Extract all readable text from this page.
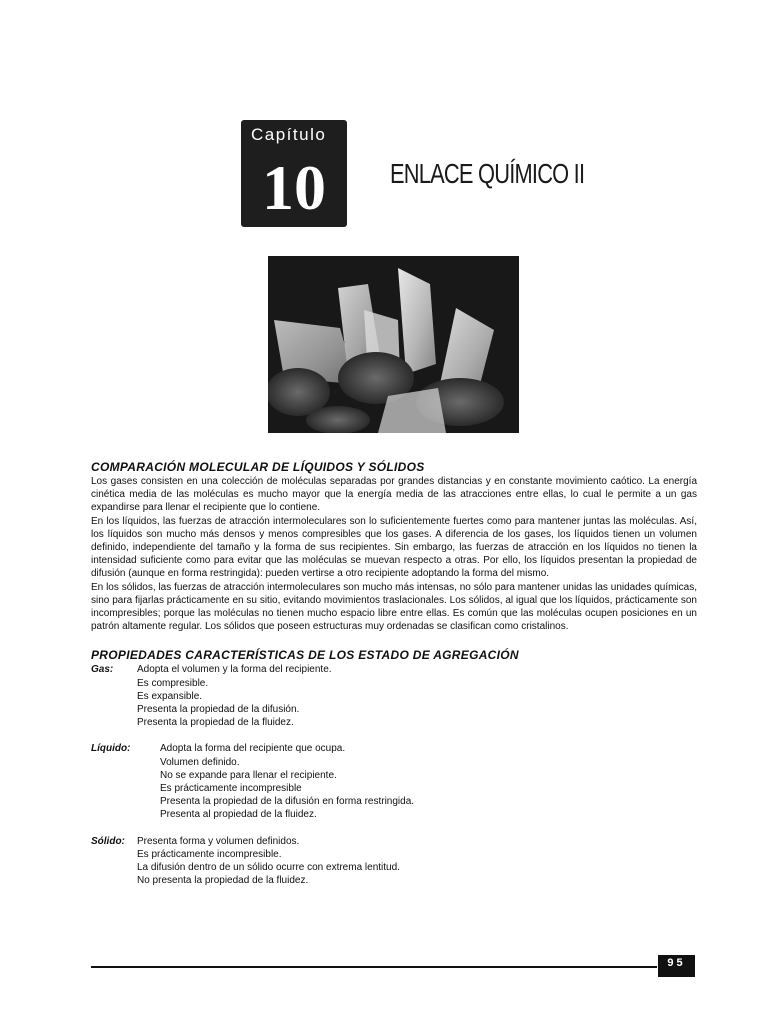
Capítulo
10	ENLACE QUÍMICO II
COMPARACIÓN MOLECULAR DE LÍQUIDOS Y SÓLIDOS

Los gases consisten en una colección de moléculas separadas por grandes distancias y en constante movimiento caótico. La energía cinética media de las moléculas es mucho mayor que la energía media de las atracciones entre ellas, lo cual le permite a un gas expandirse para llenar el recipiente que lo contiene.

En los líquidos, las fuerzas de atracción intermoleculares son lo suficientemente fuertes como para mantener juntas las moléculas. Así, los líquidos son mucho más densos y menos compresibles que los gases. A diferencia de los gases, los líquidos tienen un volumen definido, independiente del tamaño y la forma de sus recipientes. Sin embargo, las fuerzas de atracción en los líquidos no tienen la intensidad suficiente como para evitar que las moléculas se muevan respecto a otras. Por ello, los líquidos presentan la propiedad de difusión (aunque en forma restringida): pueden vertirse a otro recipiente adoptando la forma del mismo.

En los sólidos, las fuerzas de atracción intermoleculares son mucho más intensas, no sólo para mantener unidas las unidades químicas, sino para fijarlas prácticamente en su sitio, evitando movimientos traslacionales. Los sólidos, al igual que los líquidos, prácticamente son incompresibles; porque las moléculas no tienen mucho espacio libre entre ellas. Es común que las moléculas ocupen posiciones en un patrón altamente regular. Los sólidos que poseen estructuras muy ordenadas se clasifican como cristalinos.

PROPIEDADES CARACTERÍSTICAS DE LOS ESTADO DE AGREGACIÓN
Gas:	Adopta el volumen y la forma del recipiente.
Es compresible.
Es expansible.
Presenta la propiedad de la difusión.
Presenta la propiedad de la fluidez.
Líquido:	Adopta la forma del recipiente que ocupa.
Volumen definido.
No se expande para llenar el recipiente.
Es prácticamente incompresible
Presenta la propiedad de la difusión en forma restringida.
Presenta al propiedad de la fluidez.
Sólido:	Presenta forma y volumen definidos.
Es prácticamente incompresible.
La difusión dentro de un sólido ocurre con extrema lentitud.
No presenta la propiedad de la fluidez.
95
